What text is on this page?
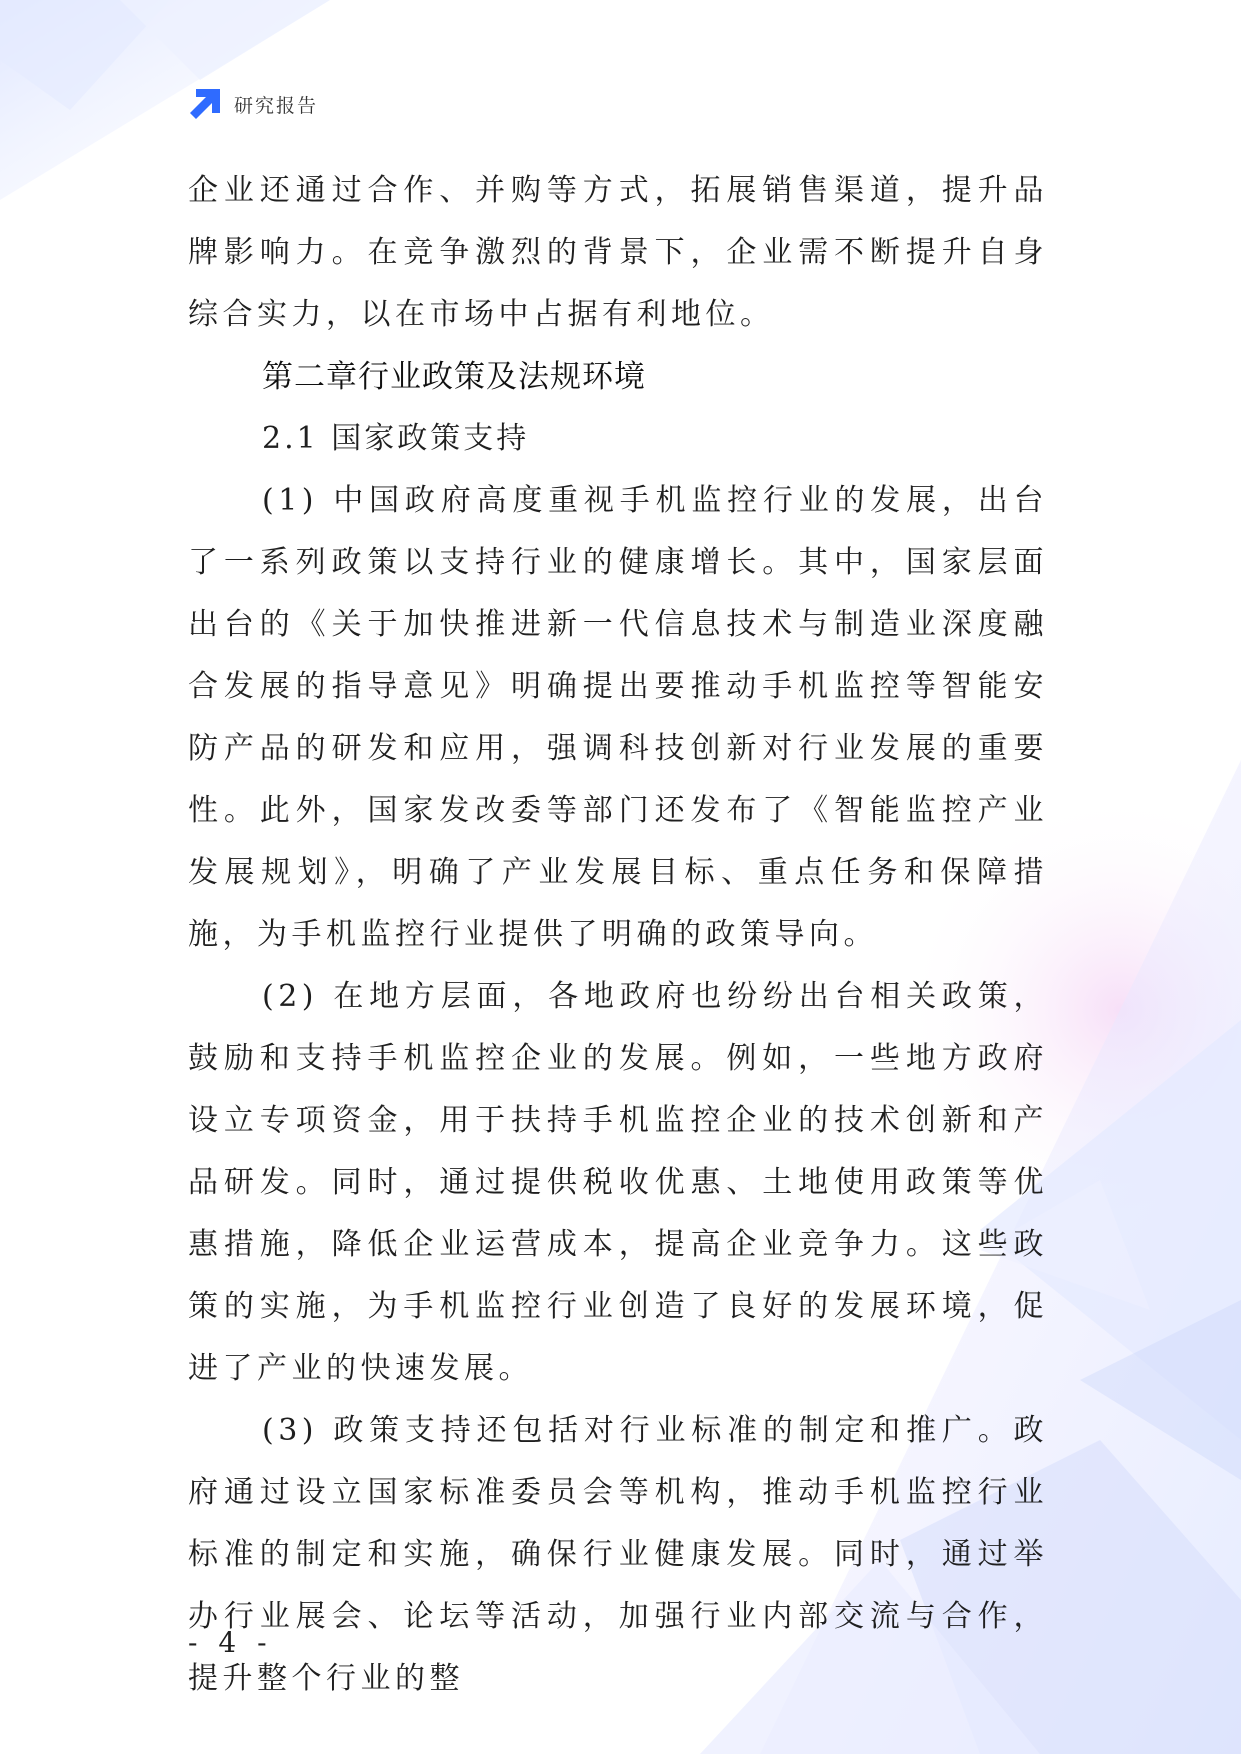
研究报告

企业还通过合作、并购等方式，拓展销售渠道，提升品牌影响力。在竞争激烈的背景下，企业需不断提升自身综合实力，以在市场中占据有利地位。

第二章行业政策及法规环境
2.1 国家政策支持

(1) 中国政府高度重视手机监控行业的发展，出台了一系列政策以支持行业的健康增长。其中，国家层面出台的《关于加快推进新一代信息技术与制造业深度融合发展的指导意见》明确提出要推动手机监控等智能安防产品的研发和应用，强调科技创新对行业发展的重要性。此外，国家发改委等部门还发布了《智能监控产业发展规划》，明确了产业发展目标、重点任务和保障措施，为手机监控行业提供了明确的政策导向。

(2) 在地方层面，各地政府也纷纷出台相关政策，鼓励和支持手机监控企业的发展。例如，一些地方政府设立专项资金，用于扶持手机监控企业的技术创新和产品研发。同时，通过提供税收优惠、土地使用政策等优惠措施，降低企业运营成本，提高企业竞争力。这些政策的实施，为手机监控行业创造了良好的发展环境，促进了产业的快速发展。

(3) 政策支持还包括对行业标准的制定和推广。政府通过设立国家标准委员会等机构，推动手机监控行业标准的制定和实施，确保行业健康发展。同时，通过举办行业展会、论坛等活动，加强行业内部交流与合作，提升整个行业的整

- 4 -
